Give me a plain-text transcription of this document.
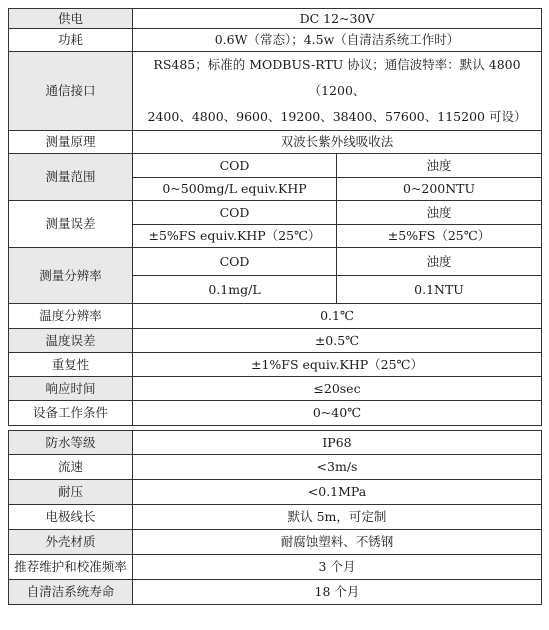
供电	DC 12~30V	
功耗	0.6W（常态）；4.5w（自清洁系统工作时）	
通信接口	RS485；标准的 MODBUS-RTU 协议；通信波特率：默认 4800（1200、
2400、4800、9600、19200、38400、57600、115200 可设）	

测量原理	双波长紫外线吸收法	
测量范围	COD	浊度
	0~500mg/L equiv.KHP	0~200NTU
测量误差	COD	浊度
	±5%FS equiv.KHP（25℃）	±5%FS（25℃）
测量分辨率	COD	浊度
	0.1mg/L	0.1NTU
温度分辨率	0.1℃	
温度误差	±0.5℃	
重复性	±1%FS equiv.KHP（25℃）	
响应时间	≤20sec	
设备工作条件	0~40℃	

防水等级	IP68	
流速	<3m/s	
耐压	<0.1MPa	
电极线长	默认 5m，可定制	
外壳材质	耐腐蚀塑料、不锈钢	
推荐维护和校准频率	3 个月	
自清洁系统寿命	18 个月	
